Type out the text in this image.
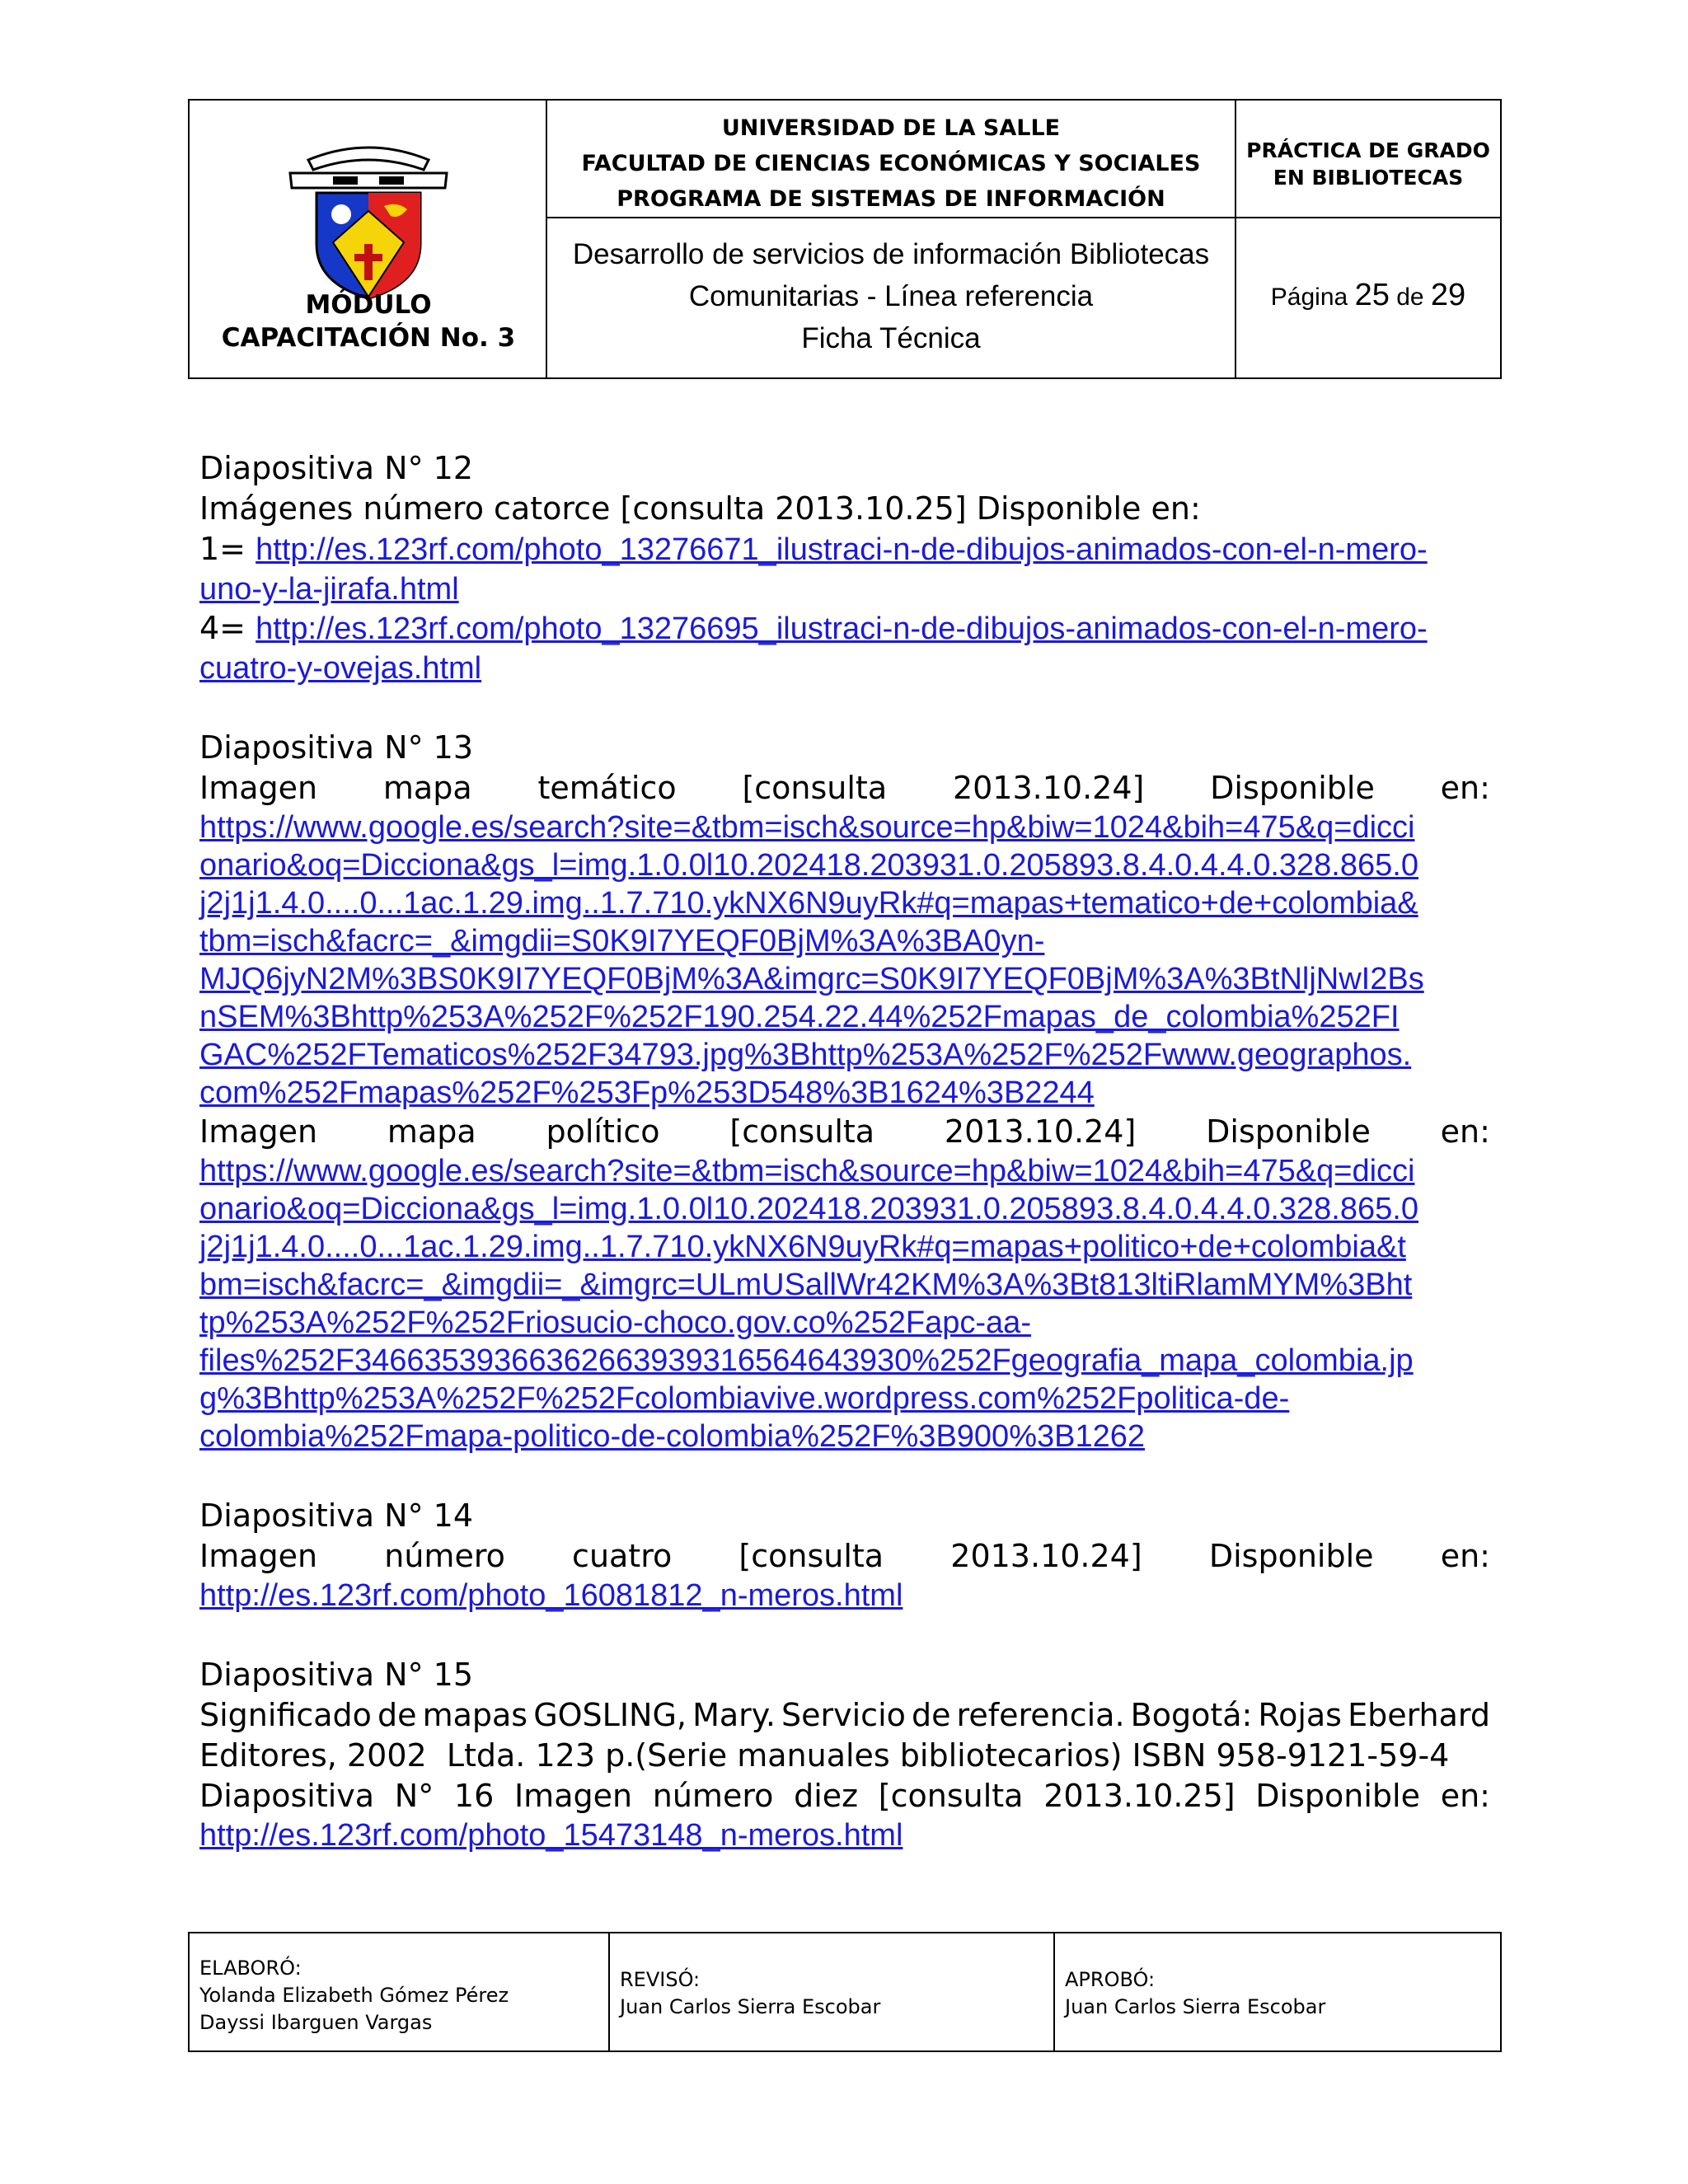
MÓDULO
CAPACITACIÓN No. 3
UNIVERSIDAD DE LA SALLE
FACULTAD DE CIENCIAS ECONÓMICAS Y SOCIALES
PROGRAMA DE SISTEMAS DE INFORMACIÓN
Desarrollo de servicios de información Bibliotecas
Comunitarias - Línea referencia
Ficha Técnica
PRÁCTICA DE GRADO
EN BIBLIOTECAS
Página 25 de 29
Diapositiva N° 12
Imágenes número catorce [consulta 2013.10.25] Disponible en:
1= http://es.123rf.com/photo_13276671_ilustraci-n-de-dibujos-animados-con-el-n-mero-
uno-y-la-jirafa.html
4= http://es.123rf.com/photo_13276695_ilustraci-n-de-dibujos-animados-con-el-n-mero-
cuatro-y-ovejas.html
Diapositiva N° 13
Imagen mapa temático [consulta 2013.10.24] Disponible en:
https://www.google.es/search?site=&tbm=isch&source=hp&biw=1024&bih=475&q=dicci
onario&oq=Dicciona&gs_l=img.1.0.0l10.202418.203931.0.205893.8.4.0.4.4.0.328.865.0
j2j1j1.4.0....0...1ac.1.29.img..1.7.710.ykNX6N9uyRk#q=mapas+tematico+de+colombia&
tbm=isch&facrc=_&imgdii=S0K9I7YEQF0BjM%3A%3BA0yn-
MJQ6jyN2M%3BS0K9I7YEQF0BjM%3A&imgrc=S0K9I7YEQF0BjM%3A%3BtNljNwI2Bs
nSEM%3Bhttp%253A%252F%252F190.254.22.44%252Fmapas_de_colombia%252FI
GAC%252FTematicos%252F34793.jpg%3Bhttp%253A%252F%252Fwww.geographos.
com%252Fmapas%252F%253Fp%253D548%3B1624%3B2244
Imagen mapa político [consulta 2013.10.24] Disponible en:
https://www.google.es/search?site=&tbm=isch&source=hp&biw=1024&bih=475&q=dicci
onario&oq=Dicciona&gs_l=img.1.0.0l10.202418.203931.0.205893.8.4.0.4.4.0.328.865.0
j2j1j1.4.0....0...1ac.1.29.img..1.7.710.ykNX6N9uyRk#q=mapas+politico+de+colombia&t
bm=isch&facrc=_&imgdii=_&imgrc=ULmUSallWr42KM%3A%3Bt813ltiRlamMYM%3Bht
tp%253A%252F%252Friosucio-choco.gov.co%252Fapc-aa-
files%252F34663539366362663939316564643930%252Fgeografia_mapa_colombia.jp
g%3Bhttp%253A%252F%252Fcolombiavive.wordpress.com%252Fpolitica-de-
colombia%252Fmapa-politico-de-colombia%252F%3B900%3B1262
Diapositiva N° 14
Imagen número cuatro [consulta 2013.10.24] Disponible en:
http://es.123rf.com/photo_16081812_n-meros.html
Diapositiva N° 15
Significado de mapas GOSLING, Mary. Servicio de referencia. Bogotá: Rojas Eberhard
Editores, 2002  Ltda. 123 p.(Serie manuales bibliotecarios) ISBN 958-9121-59-4
Diapositiva N° 16 Imagen número diez [consulta 2013.10.25] Disponible en:
http://es.123rf.com/photo_15473148_n-meros.html
ELABORÓ:
Yolanda Elizabeth Gómez Pérez
Dayssi Ibarguen Vargas
REVISÓ:
Juan Carlos Sierra Escobar
APROBÓ:
Juan Carlos Sierra Escobar
